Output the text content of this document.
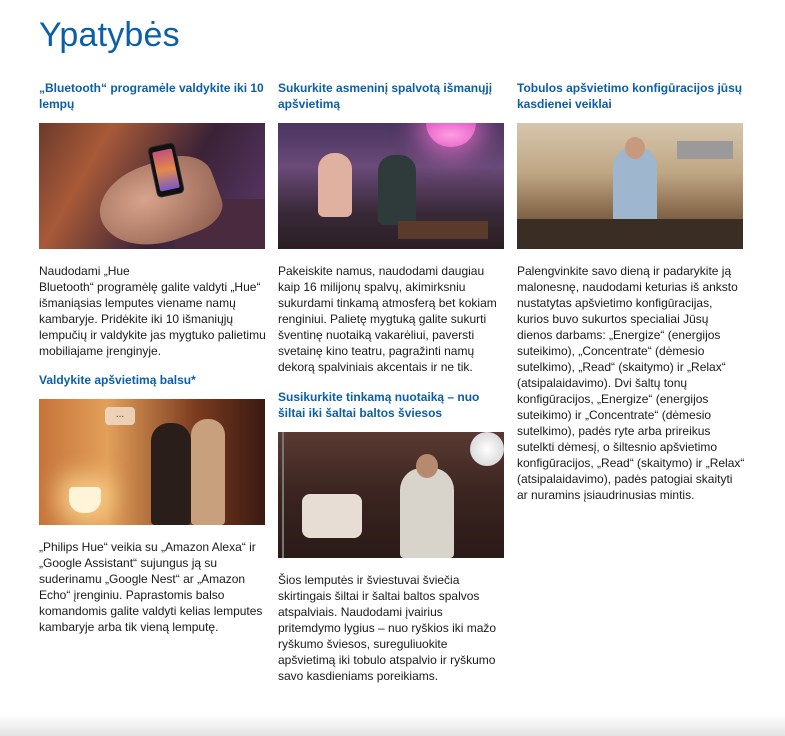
Ypatybės
„Bluetooth“ programėle valdykite iki 10 lempų

Naudodami „Hue
Bluetooth“ programėlę galite valdyti „Hue“ išmaniąsias lemputes viename namų kambaryje. Pridėkite iki 10 išmaniųjų lempučių ir valdykite jas mygtuko palietimu mobiliajame įrenginyje.

Valdykite apšvietimą balsu*
...

„Philips Hue“ veikia su „Amazon Alexa“ ir „Google Assistant“ sujungus ją su suderinamu „Google Nest“ ar „Amazon Echo“ įrenginiu. Paprastomis balso komandomis galite valdyti kelias lemputes kambaryje arba tik vieną lemputę.

Sukurkite asmeninį spalvotą išmanųjį apšvietimą

Pakeiskite namus, naudodami daugiau kaip 16 milijonų spalvų, akimirksniu sukurdami tinkamą atmosferą bet kokiam renginiui. Palietę mygtuką galite sukurti šventinę nuotaiką vakarėliui, paversti svetainę kino teatru, pagražinti namų dekorą spalviniais akcentais ir ne tik.

Susikurkite tinkamą nuotaiką – nuo šiltai iki šaltai baltos šviesos

Šios lemputės ir šviestuvai šviečia skirtingais šiltai ir šaltai baltos spalvos atspalviais. Naudodami įvairius pritemdymo lygius – nuo ryškios iki mažo ryškumo šviesos, sureguliuokite apšvietimą iki tobulo atspalvio ir ryškumo savo kasdieniams poreikiams.

Tobulos apšvietimo konfigūracijos jūsų kasdienei veiklai

Palengvinkite savo dieną ir padarykite ją malonesnę, naudodami keturias iš anksto nustatytas apšvietimo konfigūracijas, kurios buvo sukurtos specialiai Jūsų dienos darbams: „Energize“ (energijos suteikimo), „Concentrate“ (dėmesio sutelkimo), „Read“ (skaitymo) ir „Relax“ (atsipalaidavimo). Dvi šaltų tonų konfigūracijos, „Energize“ (energijos suteikimo) ir „Concentrate“ (dėmesio sutelkimo), padės ryte arba prireikus sutelkti dėmesį, o šiltesnio apšvietimo konfigūracijos, „Read“ (skaitymo) ir „Relax“ (atsipalaidavimo), padės patogiai skaityti ar nuramins įsiaudrinusias mintis.
